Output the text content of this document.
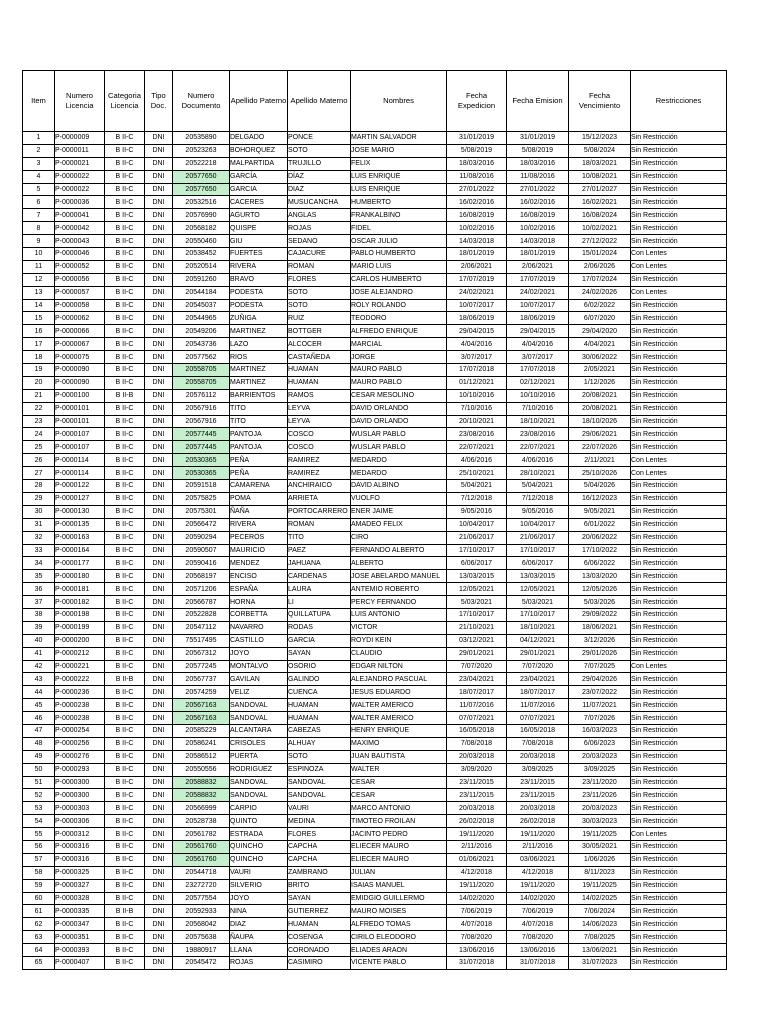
Item	Numero Licencia	Categoria Licencia	Tipo Doc.	Numero Documento	Apellido Paterno	Apellido Materno	Nombres	Fecha Expedicion	Fecha Emision	Fecha Vencimiento	Restricciones
1	P-0000009	B II-C	DNI	20535890	DELGADO	PONCE	MARTIN SALVADOR	31/01/2019	31/01/2019	15/12/2023	Sin Restricción
2	P-0000011	B II-C	DNI	20523263	BOHORQUEZ	SOTO	JOSE MARIO	5/08/2019	5/08/2019	5/08/2024	Sin Restricción
3	P-0000021	B II-C	DNI	20522218	MALPARTIDA	TRUJILLO	FELIX	18/03/2016	18/03/2016	18/03/2021	Sin Restricción
4	P-0000022	B II-C	DNI	20577650	GARCÍA	DÍAZ	LUIS ENRIQUE	11/08/2016	11/08/2016	10/08/2021	Sin Restricción
5	P-0000022	B II-C	DNI	20577650	GARCIA	DIAZ	LUIS ENRIQUE	27/01/2022	27/01/2022	27/01/2027	Sin Restricción
6	P-0000036	B II-C	DNI	20532516	CACERES	MUSUCANCHA	HUMBERTO	16/02/2016	16/02/2016	16/02/2021	Sin Restricción
7	P-0000041	B II-C	DNI	20576990	AGURTO	ANGLAS	FRANKALBINO	16/08/2019	16/08/2019	16/08/2024	Sin Restricción
8	P-0000042	B II-C	DNI	20568182	QUISPE	ROJAS	FIDEL	10/02/2016	10/02/2016	10/02/2021	Sin Restricción
9	P-0000043	B II-C	DNI	20550460	GIU	SEDANO	OSCAR JULIO	14/03/2018	14/03/2018	27/12/2022	Sin Restricción
10	P-0000046	B II-C	DNI	20538452	FUERTES	CAJACURE	PABLO HUMBERTO	18/01/2019	18/01/2019	15/01/2024	Con Lentes
11	P-0000052	B II-C	DNI	20520514	RIVERA	ROMAN	MARIO LUIS	2/06/2021	2/06/2021	2/06/2026	Con Lentes
12	P-0000056	B II-C	DNI	20591260	BRAVO	FLORES	CARLOS HUMBERTO	17/07/2019	17/07/2019	17/07/2024	Sin Restricción
13	P-0000057	B II-C	DNI	20544184	PODESTA	SOTO	JOSE ALEJANDRO	24/02/2021	24/02/2021	24/02/2026	Con Lentes
14	P-0000058	B II-C	DNI	20545037	PODESTA	SOTO	ROLY ROLANDO	10/07/2017	10/07/2017	6/02/2022	Sin Restricción
15	P-0000062	B II-C	DNI	20544965	ZUÑIGA	RUIZ	TEODORO	18/06/2019	18/06/2019	6/07/2020	Sin Restricción
16	P-0000066	B II-C	DNI	20549206	MARTINEZ	BOTTGER	ALFREDO ENRIQUE	29/04/2015	29/04/2015	29/04/2020	Sin Restricción
17	P-0000067	B II-C	DNI	20543736	LAZO	ALCOCER	MARCIAL	4/04/2016	4/04/2016	4/04/2021	Sin Restricción
18	P-0000075	B II-C	DNI	20577562	RIOS	CASTAÑEDA	JORGE	3/07/2017	3/07/2017	30/06/2022	Sin Restricción
19	P-0000090	B II-C	DNI	20558705	MARTINEZ	HUAMAN	MAURO PABLO	17/07/2018	17/07/2018	2/05/2021	Sin Restricción
20	P-0000090	B II-C	DNI	20558705	MARTINEZ	HUAMAN	MAURO PABLO	01/12/2021	02/12/2021	1/12/2026	Sin Restricción
21	P-0000100	B II-B	DNI	20576112	BARRIENTOS	RAMOS	CESAR MESOLINO	10/10/2016	10/10/2016	20/08/2021	Sin Restricción
22	P-0000101	B II-C	DNI	20567916	TITO	LEYVA	DAVID ORLANDO	7/10/2016	7/10/2016	20/08/2021	Sin Restricción
23	P-0000101	B II-C	DNI	20567916	TITO	LEYVA	DAVID ORLANDO	20/10/2021	18/10/2021	18/10/2026	Sin Restricción
24	P-0000107	B II-C	DNI	20577445	PANTOJA	COSCO	WUSLAR PABLO	23/08/2016	23/08/2016	29/06/2021	Sin Restricción
25	P-0000107	B II-C	DNI	20577445	PANTOJA	COSCO	WUSLAR PABLO	22/07/2021	22/07/2021	22/07/2026	Sin Restricción
26	P-0000114	B II-C	DNI	20530365	PEÑA	RAMIREZ	MEDARDO	4/06/2016	4/06/2016	2/11/2021	Con Lentes
27	P-0000114	B II-C	DNI	20530365	PEÑA	RAMIREZ	MEDARDO	25/10/2021	28/10/2021	25/10/2026	Con Lentes
28	P-0000122	B II-C	DNI	20591518	CAMARENA	ANCHIRAICO	DAVID ALBINO	5/04/2021	5/04/2021	5/04/2026	Sin Restricción
29	P-0000127	B II-C	DNI	20575825	POMA	ARRIETA	VUOLFO	7/12/2018	7/12/2018	16/12/2023	Sin Restricción
30	P-0000130	B II-C	DNI	20575301	ÑAÑA	PORTOCARRERO	ENER JAIME	9/05/2016	9/05/2016	9/05/2021	Sin Restricción
31	P-0000135	B II-C	DNI	20566472	RIVERA	ROMAN	AMADEO FELIX	10/04/2017	10/04/2017	6/01/2022	Sin Restricción
32	P-0000163	B II-C	DNI	20590294	PECEROS	TITO	CIRO	21/06/2017	21/06/2017	20/06/2022	Sin Restricción
33	P-0000164	B II-C	DNI	20590507	MAURICIO	PAEZ	FERNANDO ALBERTO	17/10/2017	17/10/2017	17/10/2022	Sin Restricción
34	P-0000177	B II-C	DNI	20590416	MENDEZ	JAHUANA	ALBERTO	6/06/2017	6/06/2017	6/06/2022	Sin Restricción
35	P-0000180	B II-C	DNI	20568197	ENCISO	CARDENAS	JOSE ABELARDO MANUEL	13/03/2015	13/03/2015	13/03/2020	Sin Restricción
36	P-0000181	B II-C	DNI	20571206	ESPAÑA	LAURA	ANTEMIO ROBERTO	12/05/2021	12/05/2021	12/05/2026	Sin Restricción
37	P-0000182	B II-C	DNI	20566787	HORNA	LI	PERCY FERNANDO	5/03/2021	5/03/2021	5/03/2026	Sin Restricción
38	P-0000198	B II-C	DNI	20522828	CORBETTA	QUILLATUPA	LUIS ANTONIO	17/10/2017	17/10/2017	29/09/2022	Sin Restricción
39	P-0000199	B II-C	DNI	20547112	NAVARRO	RODAS	VICTOR	21/10/2021	18/10/2021	18/06/2021	Sin Restricción
40	P-0000200	B II-C	DNI	75517495	CASTILLO	GARCIA	ROYDI KEIN	03/12/2021	04/12/2021	3/12/2026	Sin Restricción
41	P-0000212	B II-C	DNI	20567312	JOYO	SAYAN	CLAUDIO	29/01/2021	29/01/2021	29/01/2026	Sin Restricción
42	P-0000221	B II-C	DNI	20577245	MONTALVO	OSORIO	EDGAR NILTON	7/07/2020	7/07/2020	7/07/2025	Con Lentes
43	P-0000222	B II-B	DNI	20567737	GAVILAN	GALINDO	ALEJANDRO PASCUAL	23/04/2021	23/04/2021	29/04/2026	Sin Restricción
44	P-0000236	B II-C	DNI	20574259	VELIZ	CUENCA	JESUS EDUARDO	18/07/2017	18/07/2017	23/07/2022	Sin Restricción
45	P-0000238	B II-C	DNI	20567163	SANDOVAL	HUAMAN	WALTER AMERICO	11/07/2016	11/07/2016	11/07/2021	Sin Restricción
46	P-0000238	B II-C	DNI	20567163	SANDOVAL	HUAMAN	WALTER AMERICO	07/07/2021	07/07/2021	7/07/2026	Sin Restricción
47	P-0000254	B II-C	DNI	20585229	ALCANTARA	CABEZAS	HENRY ENRIQUE	16/05/2018	16/05/2018	16/03/2023	Sin Restricción
48	P-0000256	B II-C	DNI	20586241	CRISOLES	ALHUAY	MAXIMO	7/08/2018	7/08/2018	6/06/2023	Sin Restricción
49	P-0000276	B II-C	DNI	20586512	PUERTA	SOTO	JUAN BAUTISTA	20/03/2018	20/03/2018	20/03/2023	Sin Restricción
50	P-0000293	B II-C	DNI	20550556	RODRIGUEZ	ESPINOZA	WALTER	3/09/2020	3/09/2025	3/09/2025	Sin Restricción
51	P-0000300	B II-C	DNI	20588832	SANDOVAL	SANDOVAL	CESAR	23/11/2015	23/11/2015	23/11/2020	Sin Restricción
52	P-0000300	B II-C	DNI	20588832	SANDOVAL	SANDOVAL	CESAR	23/11/2015	23/11/2015	23/11/2026	Sin Restricción
53	P-0000303	B II-C	DNI	20566999	CARPIO	VAURI	MARCO ANTONIO	20/03/2018	20/03/2018	20/03/2023	Sin Restricción
54	P-0000306	B II-C	DNI	20528738	QUINTO	MEDINA	TIMOTEO FROILAN	26/02/2018	26/02/2018	30/03/2023	Sin Restricción
55	P-0000312	B II-C	DNI	20561782	ESTRADA	FLORES	JACINTO PEDRO	19/11/2020	19/11/2020	19/11/2025	Con Lentes
56	P-0000316	B II-C	DNI	20561760	QUINCHO	CAPCHA	ELIECER MAURO	2/11/2016	2/11/2016	30/05/2021	Sin Restricción
57	P-0000316	B II-C	DNI	20561760	QUINCHO	CAPCHA	ELIECER MAURO	01/06/2021	03/06/2021	1/06/2026	Sin Restricción
58	P-0000325	B II-C	DNI	20544718	VAURI	ZAMBRANO	JULIAN	4/12/2018	4/12/2018	8/11/2023	Sin Restricción
59	P-0000327	B II-C	DNI	23272720	SILVERIO	BRITO	ISAIAS MANUEL	19/11/2020	19/11/2020	19/11/2025	Sin Restricción
60	P-0000328	B II-C	DNI	20577554	JOYO	SAYAN	EMIDGIO GUILLERMO	14/02/2020	14/02/2020	14/02/2025	Sin Restricción
61	P-0000335	B II-B	DNI	20592933	NINA	GUTIERREZ	MAURO MOISES	7/06/2019	7/06/2019	7/06/2024	Sin Restricción
62	P-0000347	B II-C	DNI	20568042	DIAZ	HUAMAN	ALFREDO TOMAS	4/07/2018	4/07/2018	14/06/2023	Sin Restricción
63	P-0000351	B II-C	DNI	20575638	ÑAUPA	COSENGA	CIRILO ELEODORO	7/08/2020	7/08/2020	7/08/2025	Sin Restricción
64	P-0000393	B II-C	DNI	19880917	LLANA	CORONADO	ELIADES ARAON	13/06/2016	13/06/2016	13/06/2021	Sin Restricción
65	P-0000407	B II-C	DNI	20545472	ROJAS	CASIMIRO	VICENTE PABLO	31/07/2018	31/07/2018	31/07/2023	Sin Restricción
